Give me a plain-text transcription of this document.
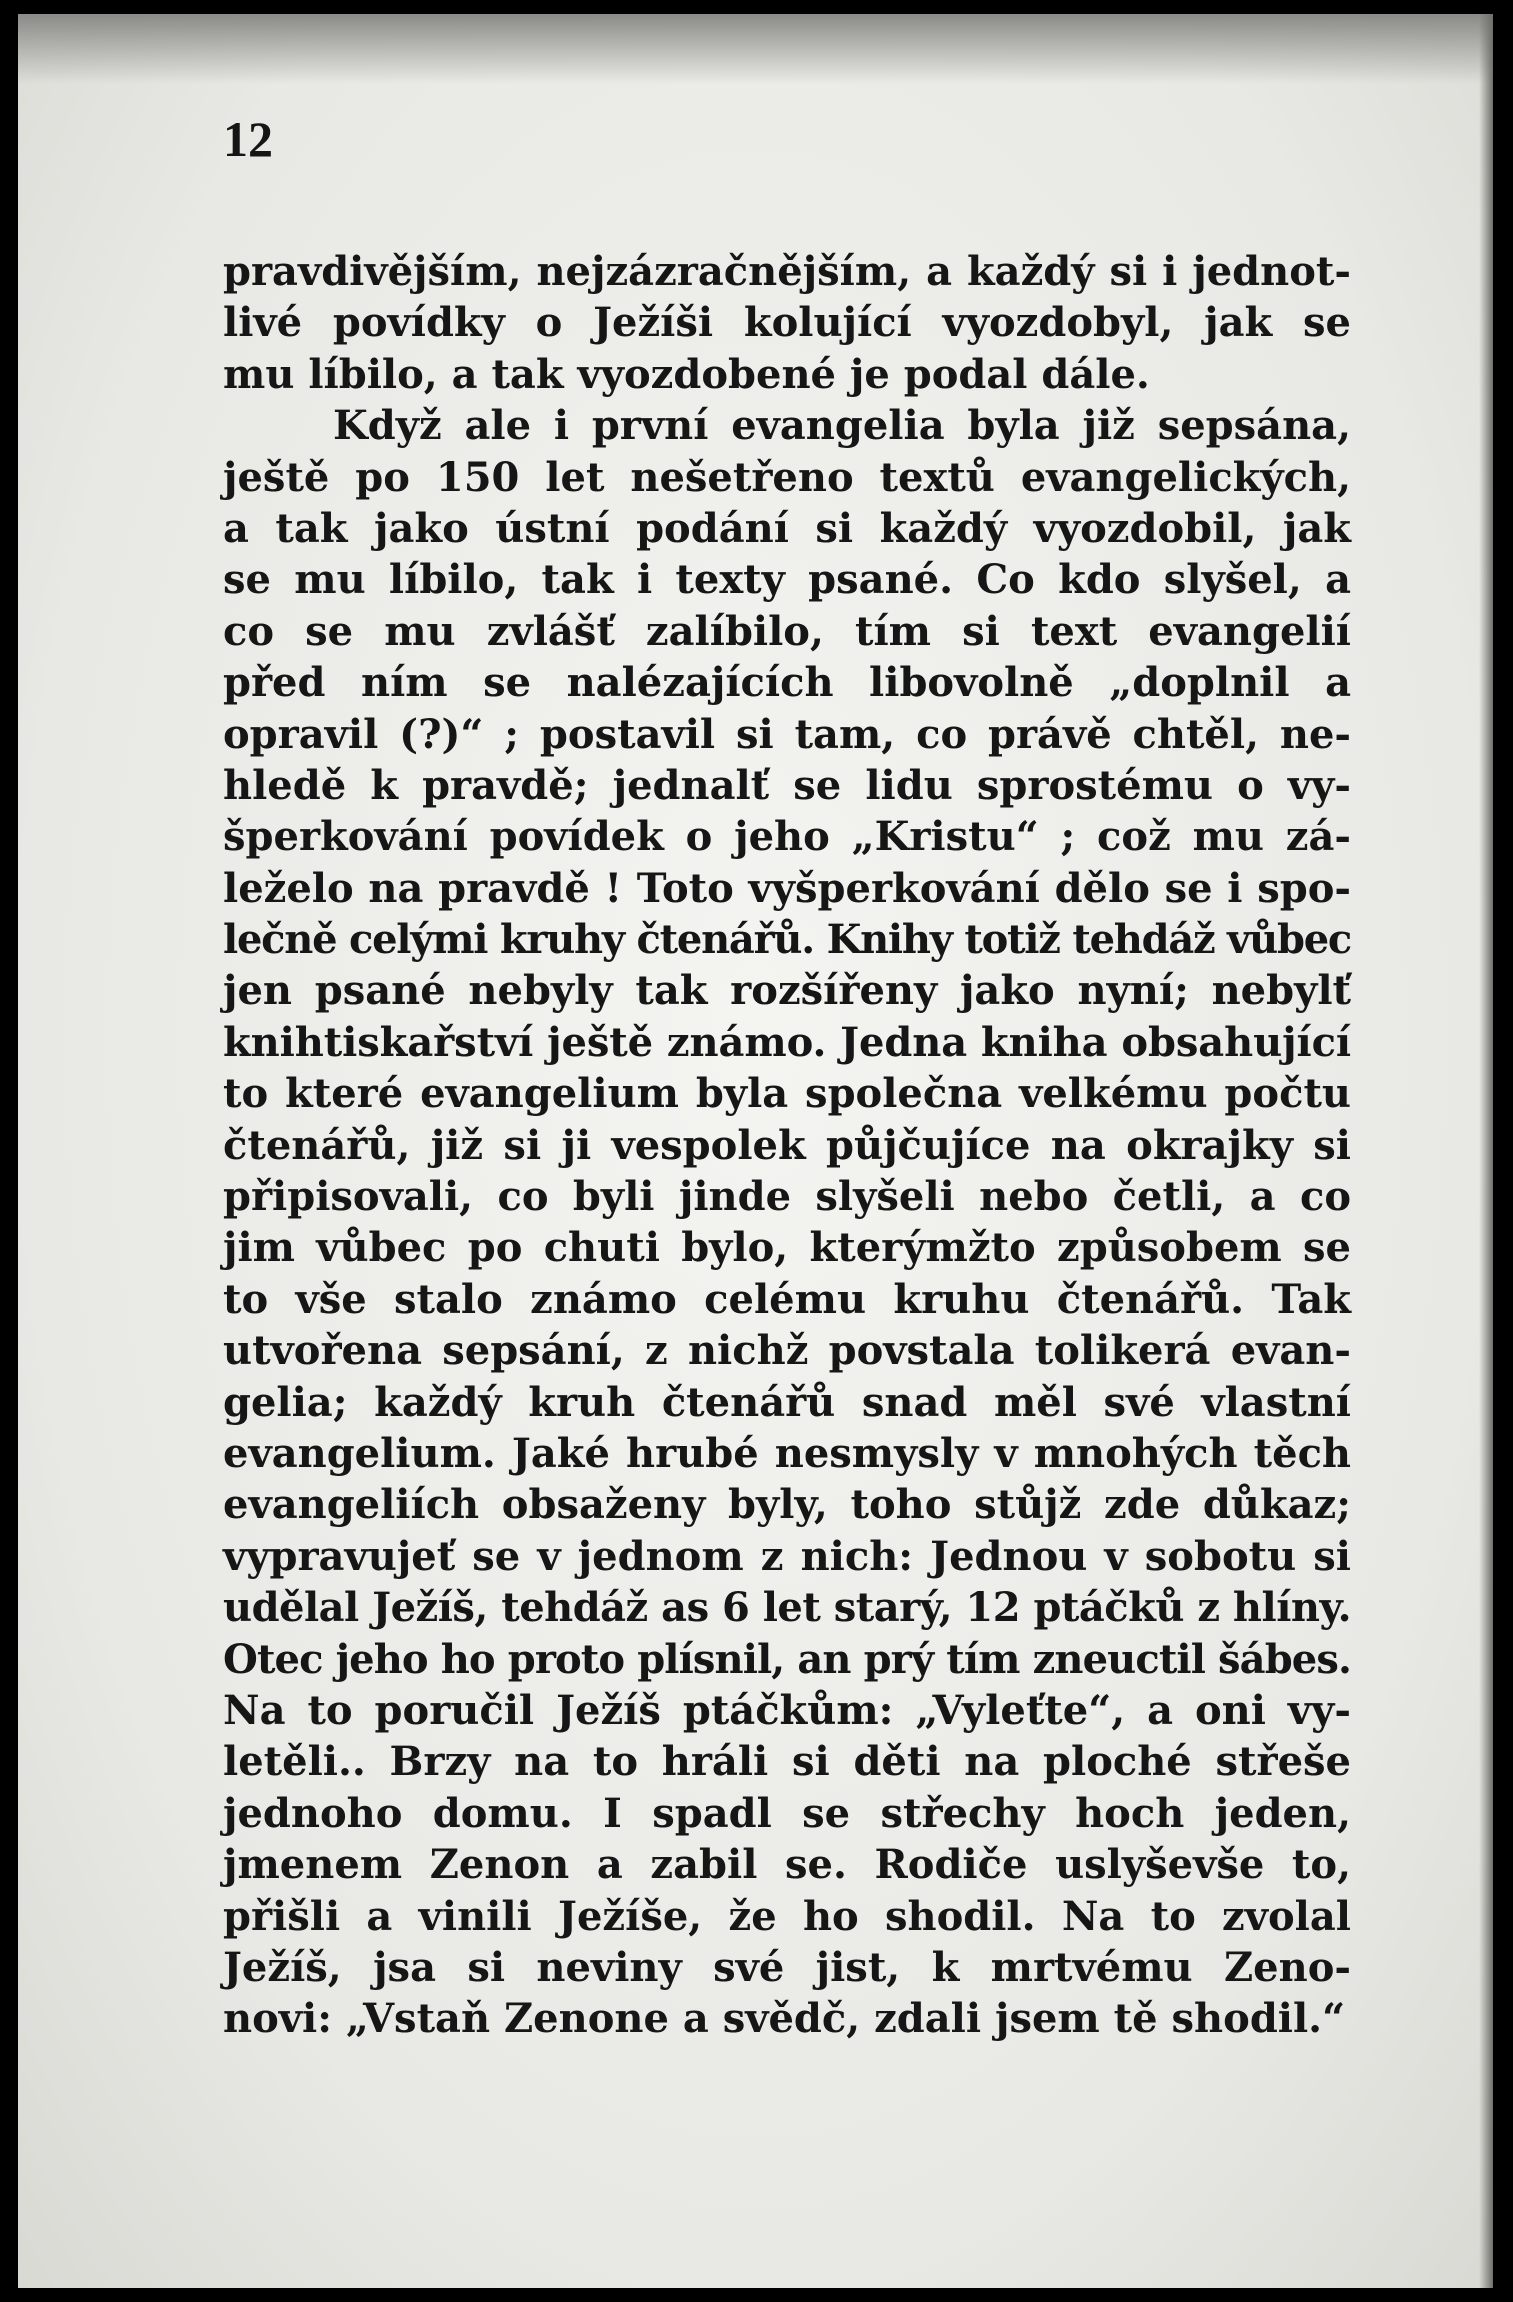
12
pravdivějším, nejzázračnějším, a každý si i jednot-
livé povídky o Ježíši kolující vyozdobyl, jak se
mu líbilo, a tak vyozdobené je podal dále.
Když ale i první evangelia byla již sepsána,
ještě po 150 let nešetřeno textů evangelických,
a tak jako ústní podání si každý vyozdobil, jak
se mu líbilo, tak i texty psané. Co kdo slyšel, a
co se mu zvlášť zalíbilo, tím si text evangelií
před ním se nalézajících libovolně „doplnil a
opravil (?)“ ; postavil si tam, co právě chtěl, ne-
hledě k pravdě; jednalť se lidu sprostému o vy-
šperkování povídek o jeho „Kristu“ ; což mu zá-
leželo na pravdě ! Toto vyšperkování dělo se i spo-
lečně celými kruhy čtenářů. Knihy totiž tehdáž vůbec
jen psané nebyly tak rozšířeny jako nyní; nebylť
knihtiskařství ještě známo. Jedna kniha obsahující
to které evangelium byla společna velkému počtu
čtenářů, již si ji vespolek půjčujíce na okrajky si
připisovali, co byli jinde slyšeli nebo četli, a co
jim vůbec po chuti bylo, kterýmžto způsobem se
to vše stalo známo celému kruhu čtenářů. Tak
utvořena sepsání, z nichž povstala tolikerá evan-
gelia; každý kruh čtenářů snad měl své vlastní
evangelium. Jaké hrubé nesmysly v mnohých těch
evangeliích obsaženy byly, toho stůjž zde důkaz;
vypravujeť se v jednom z nich: Jednou v sobotu si
udělal Ježíš, tehdáž as 6 let starý, 12 ptáčků z hlíny.
Otec jeho ho proto plísnil, an prý tím zneuctil šábes.
Na to poručil Ježíš ptáčkům: „Vyleťte“, a oni vy-
letěli.. Brzy na to hráli si děti na ploché střeše
jednoho domu. I spadl se střechy hoch jeden,
jmenem Zenon a zabil se. Rodiče uslyševše to,
přišli a vinili Ježíše, že ho shodil. Na to zvolal
Ježíš, jsa si neviny své jist, k mrtvému Zeno-
novi: „Vstaň Zenone a svědč, zdali jsem tě shodil.“
